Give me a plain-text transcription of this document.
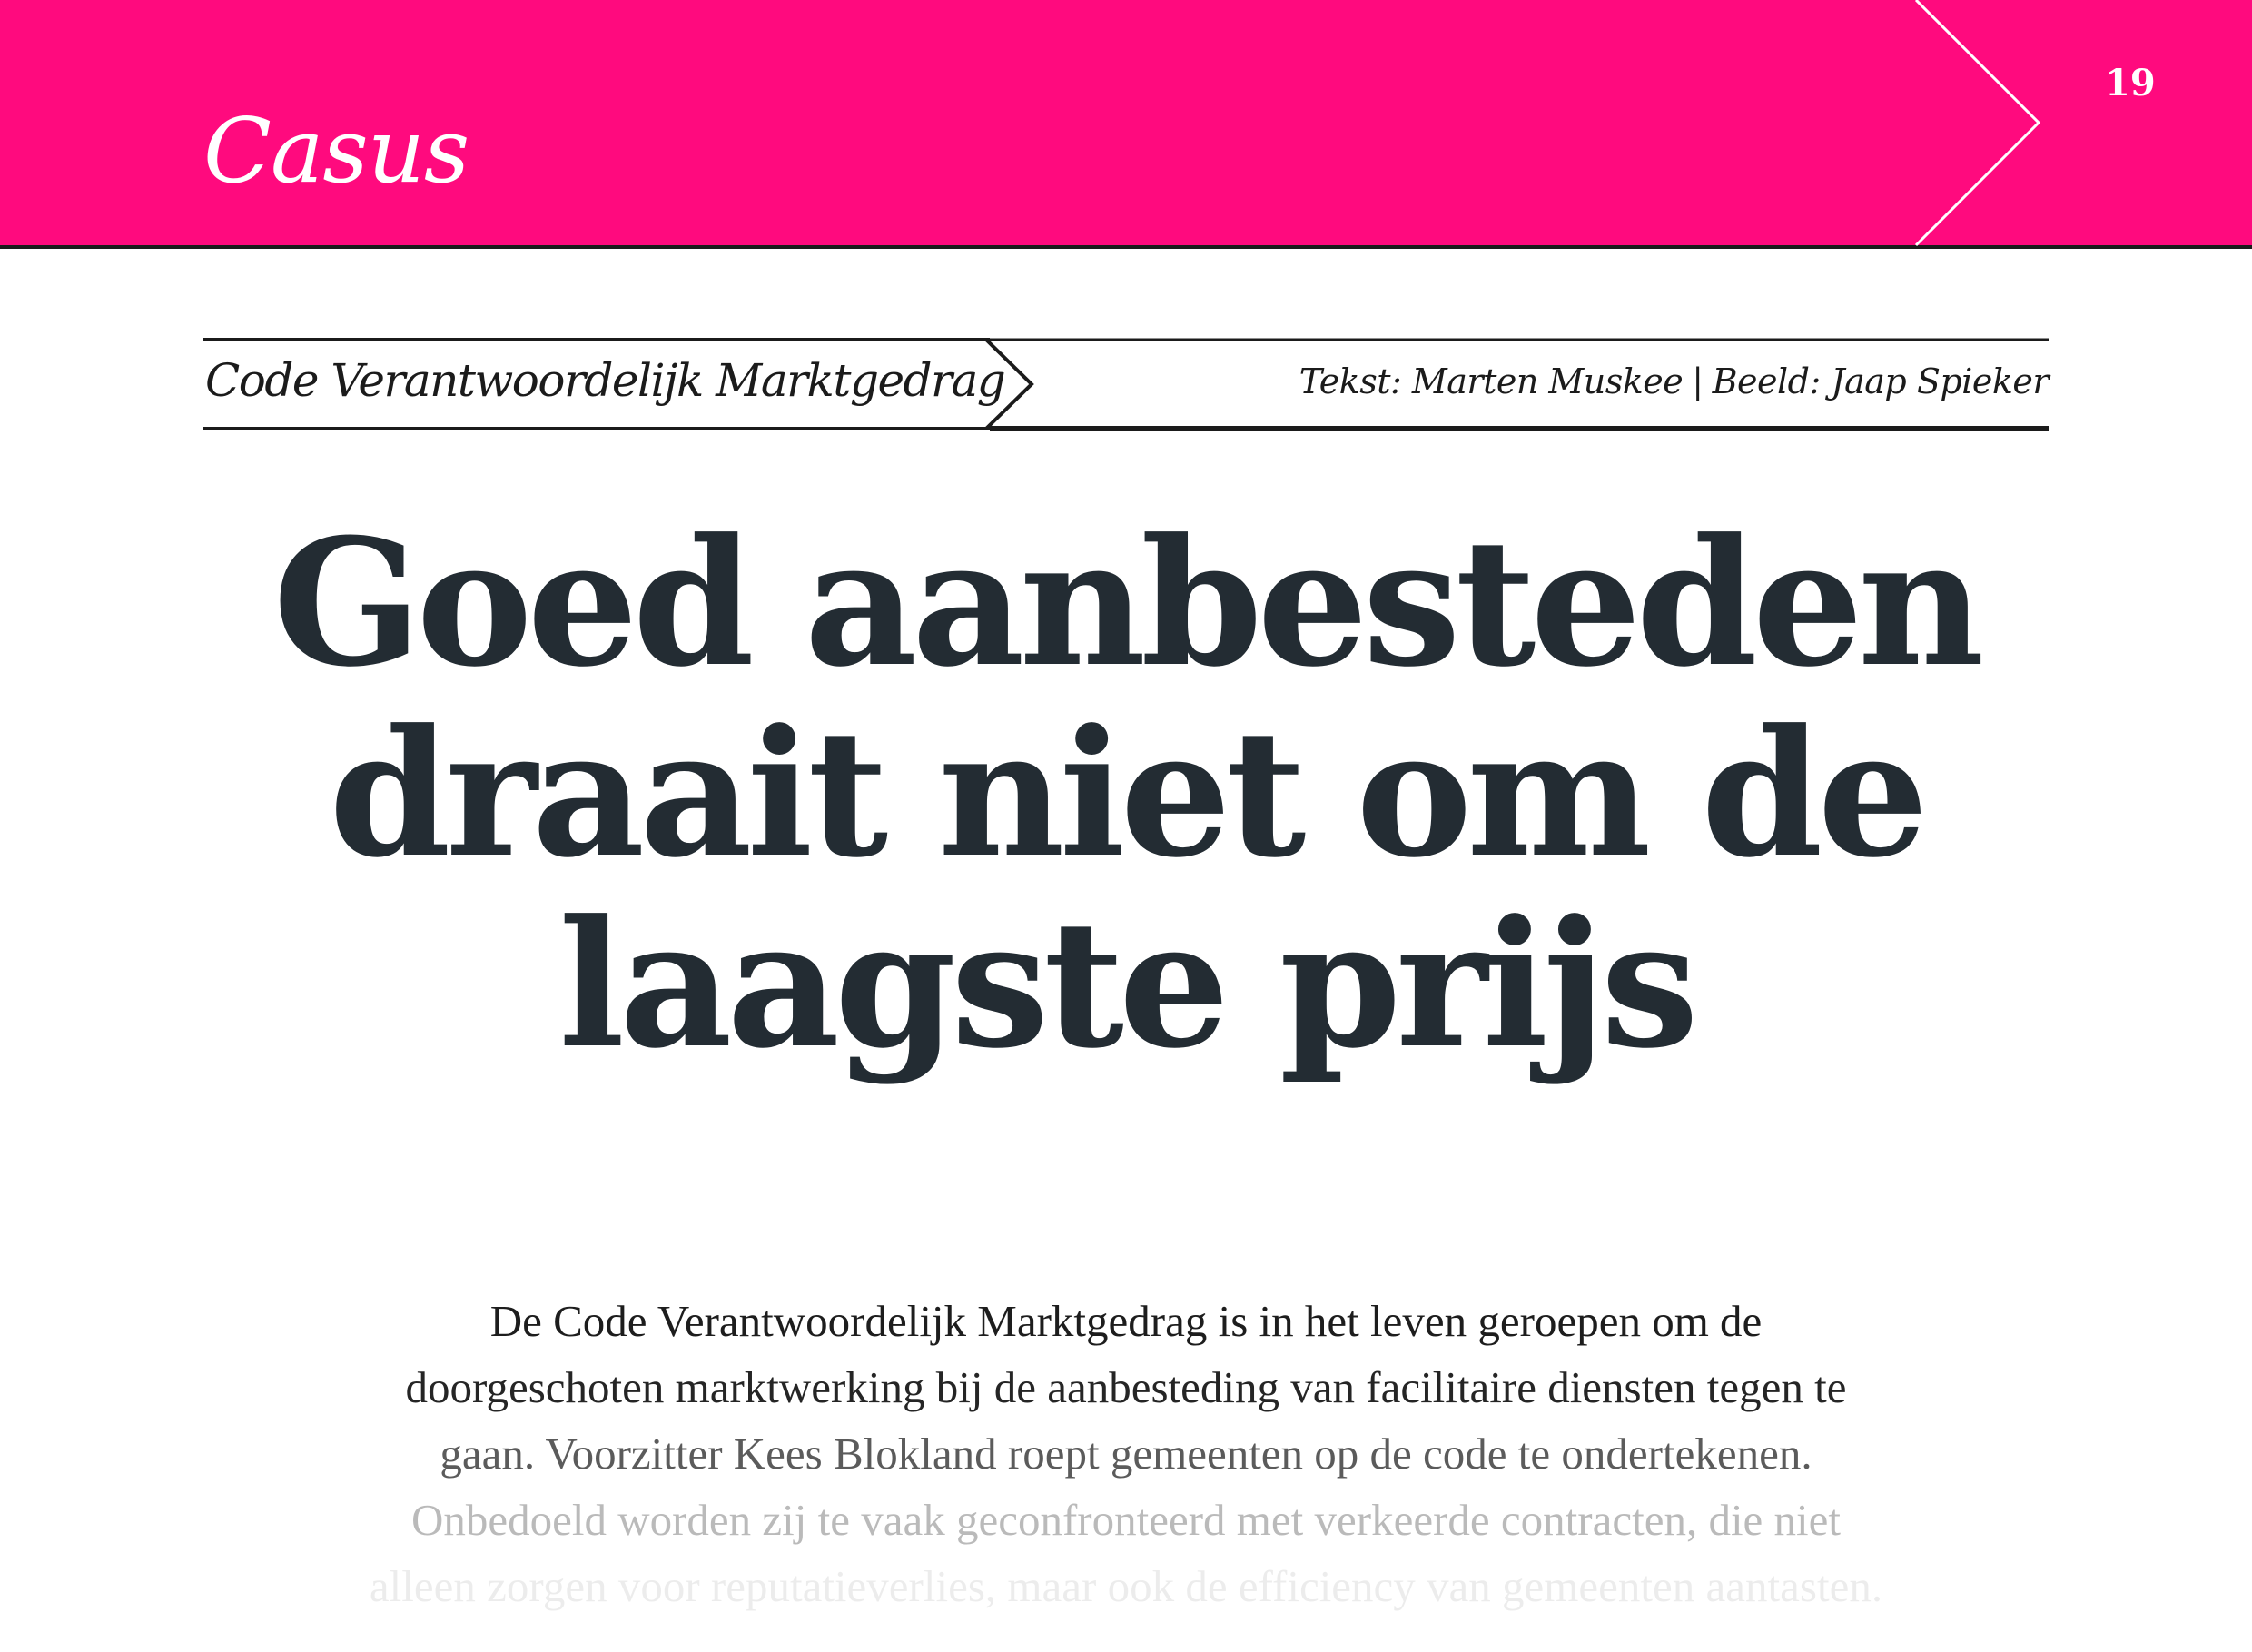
Casus
19
Code Verantwoordelijk Marktgedrag	Tekst: Marten Muskee | Beeld: Jaap Spieker
Goed aanbesteden
draait niet om de
laagste prijs

De Code Verantwoordelijk Marktgedrag is in het leven geroepen om de

doorgeschoten marktwerking bij de aanbesteding van facilitaire diensten tegen te

gaan. Voorzitter Kees Blokland roept gemeenten op de code te ondertekenen.

Onbedoeld worden zij te vaak geconfronteerd met verkeerde contracten, die niet

alleen zorgen voor reputatieverlies, maar ook de efficiency van gemeenten aantasten.
